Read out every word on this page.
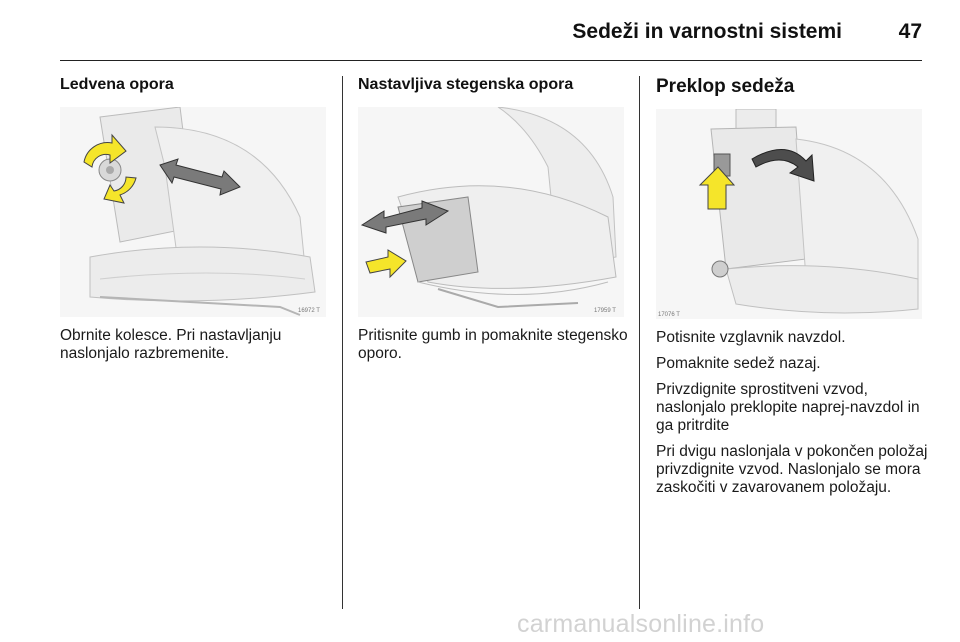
Sedeži in varnostni sistemi	47
Ledvena opora
16972 T

Obrnite kolesce. Pri nastavljanju naslonjalo razbremenite.

Nastavljiva stegenska opora
17959 T

Pritisnite gumb in pomaknite stegensko oporo.

Preklop sedeža
17076 T

Potisnite vzglavnik navzdol.

Pomaknite sedež nazaj.

Privzdignite sprostitveni vzvod, naslonjalo preklopite naprej-navzdol in ga pritrdite

Pri dvigu naslonjala v pokončen položaj privzdignite vzvod. Naslonjalo se mora zaskočiti v zavarovanem položaju.

carmanualsonline.info
